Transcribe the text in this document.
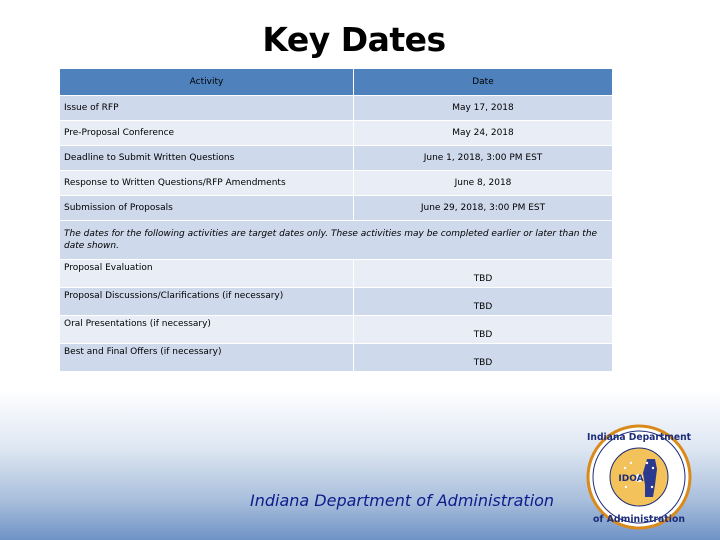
Key Dates
Activity	Date
Issue of RFP	May 17, 2018
Pre-Proposal Conference	May 24, 2018
Deadline to Submit Written Questions	June 1, 2018, 3:00 PM EST
Response to Written Questions/RFP Amendments	June 8, 2018
Submission of Proposals	June 29, 2018, 3:00 PM EST
The dates for the following activities are target dates only. These activities may be completed earlier or later than the date shown.	
Proposal Evaluation	TBD
Proposal Discussions/Clarifications (if necessary)	TBD
Oral Presentations (if necessary)	TBD
Best and Final Offers (if necessary)	TBD
Indiana Department of Administration
Indiana Department
of Administration
IDOA
